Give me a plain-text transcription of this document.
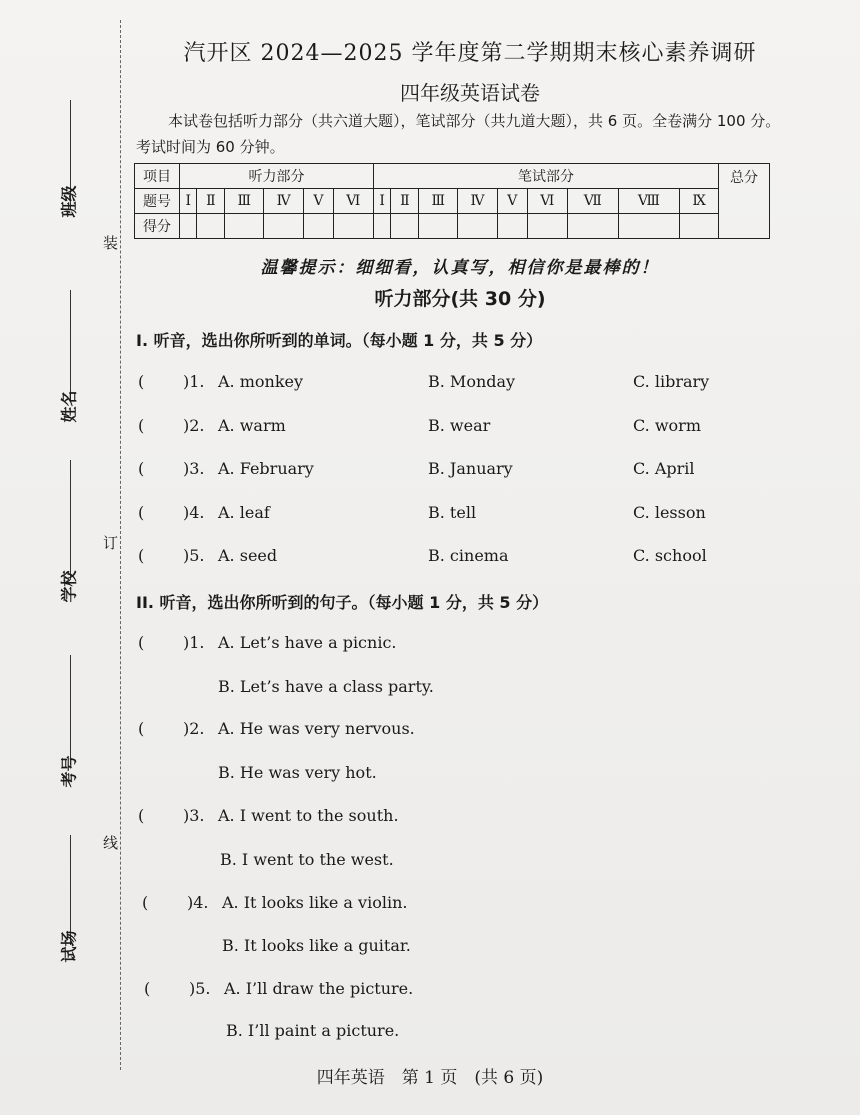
装
订
线
班级
姓名
学校
考号
试场
汽开区 2024—2025 学年度第二学期期末核心素养调研
四年级英语试卷
本试卷包括听力部分（共六道大题），笔试部分（共九道大题），共 6 页。全卷满分 100 分。考试时间为 60 分钟。
项目	听力部分						笔试部分									总分
题号	Ⅰ	Ⅱ	Ⅲ	Ⅳ	Ⅴ	Ⅵ	Ⅰ	Ⅱ	Ⅲ	Ⅳ	Ⅴ	Ⅵ	Ⅶ	Ⅷ	Ⅸ	
得分																
温馨提示：细细看，认真写，相信你是最棒的！
听力部分(共 30 分)
I. 听音，选出你所听到的单词。（每小题 1 分，共 5 分）
( )1. A. monkey	B. Monday	C. library
( )2. A. warm	B. wear	C. worm
( )3. A. February	B. January	C. April
( )4. A. leaf	B. tell	C. lesson
( )5. A. seed	B. cinema	C. school
II. 听音，选出你所听到的句子。（每小题 1 分，共 5 分）
( )1. A. Let’s have a picnic.
B. Let’s have a class party.
( )2. A. He was very nervous.
B. He was very hot.
( )3. A. I went to the south.
B. I went to the west.
( )4. A. It looks like a violin.
B. It looks like a guitar.
( )5. A. I’ll draw the picture.
B. I’ll paint a picture.
四年英语　第 1 页　(共 6 页)
